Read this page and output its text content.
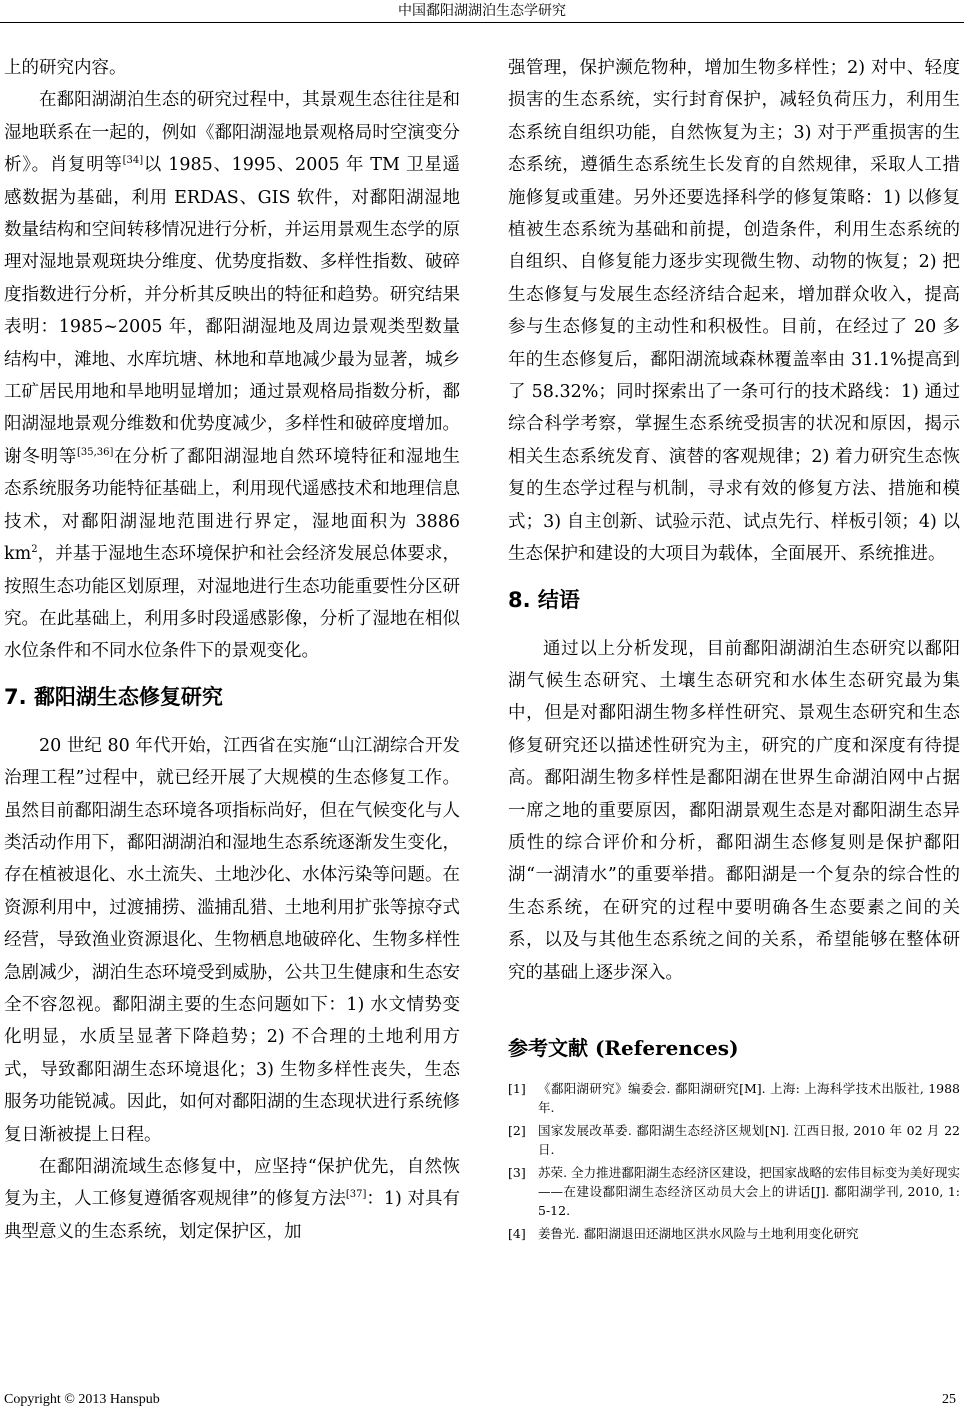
中国鄱阳湖湖泊生态学研究

上的研究内容。

在鄱阳湖湖泊生态的研究过程中，其景观生态往往是和湿地联系在一起的，例如《鄱阳湖湿地景观格局时空演变分析》。肖复明等[34]以 1985、1995、2005 年 TM 卫星遥感数据为基础，利用 ERDAS、GIS 软件，对鄱阳湖湿地数量结构和空间转移情况进行分析，并运用景观生态学的原理对湿地景观斑块分维度、优势度指数、多样性指数、破碎度指数进行分析，并分析其反映出的特征和趋势。研究结果表明：1985~2005 年，鄱阳湖湿地及周边景观类型数量结构中，滩地、水库坑塘、林地和草地减少最为显著，城乡工矿居民用地和旱地明显增加；通过景观格局指数分析，鄱阳湖湿地景观分维数和优势度减少，多样性和破碎度增加。谢冬明等[35,36]在分析了鄱阳湖湿地自然环境特征和湿地生态系统服务功能特征基础上，利用现代遥感技术和地理信息技术，对鄱阳湖湿地范围进行界定，湿地面积为 3886 $km^2$，并基于湿地生态环境保护和社会经济发展总体要求，按照生态功能区划原理，对湿地进行生态功能重要性分区研究。在此基础上，利用多时段遥感影像，分析了湿地在相似水位条件和不同水位条件下的景观变化。

7. 鄱阳湖生态修复研究

20 世纪 80 年代开始，江西省在实施“山江湖综合开发治理工程”过程中，就已经开展了大规模的生态修复工作。虽然目前鄱阳湖生态环境各项指标尚好，但在气候变化与人类活动作用下，鄱阳湖湖泊和湿地生态系统逐渐发生变化，存在植被退化、水土流失、土地沙化、水体污染等问题。在资源利用中，过渡捕捞、滥捕乱猎、土地利用扩张等掠夺式经营，导致渔业资源退化、生物栖息地破碎化、生物多样性急剧减少，湖泊生态环境受到威胁，公共卫生健康和生态安全不容忽视。鄱阳湖主要的生态问题如下：1) 水文情势变化明显，水质呈显著下降趋势；2) 不合理的土地利用方式，导致鄱阳湖生态环境退化；3) 生物多样性丧失，生态服务功能锐减。因此，如何对鄱阳湖的生态现状进行系统修复日渐被提上日程。

在鄱阳湖流域生态修复中，应坚持“保护优先，自然恢复为主，人工修复遵循客观规律”的修复方法[37]：1) 对具有典型意义的生态系统，划定保护区，加

强管理，保护濒危物种，增加生物多样性；2) 对中、轻度损害的生态系统，实行封育保护，减轻负荷压力，利用生态系统自组织功能，自然恢复为主；3) 对于严重损害的生态系统，遵循生态系统生长发育的自然规律，采取人工措施修复或重建。另外还要选择科学的修复策略：1) 以修复植被生态系统为基础和前提，创造条件，利用生态系统的自组织、自修复能力逐步实现微生物、动物的恢复；2) 把生态修复与发展生态经济结合起来，增加群众收入，提高参与生态修复的主动性和积极性。目前，在经过了 20 多年的生态修复后，鄱阳湖流域森林覆盖率由 31.1%提高到了 58.32%；同时探索出了一条可行的技术路线：1) 通过综合科学考察，掌握生态系统受损害的状况和原因，揭示相关生态系统发育、演替的客观规律；2) 着力研究生态恢复的生态学过程与机制，寻求有效的修复方法、措施和模式；3) 自主创新、试验示范、试点先行、样板引领；4) 以生态保护和建设的大项目为载体，全面展开、系统推进。

8. 结语

通过以上分析发现，目前鄱阳湖湖泊生态研究以鄱阳湖气候生态研究、土壤生态研究和水体生态研究最为集中，但是对鄱阳湖生物多样性研究、景观生态研究和生态修复研究还以描述性研究为主，研究的广度和深度有待提高。鄱阳湖生物多样性是鄱阳湖在世界生命湖泊网中占据一席之地的重要原因，鄱阳湖景观生态是对鄱阳湖生态异质性的综合评价和分析，鄱阳湖生态修复则是保护鄱阳湖“一湖清水”的重要举措。鄱阳湖是一个复杂的综合性的生态系统，在研究的过程中要明确各生态要素之间的关系，以及与其他生态系统之间的关系，希望能够在整体研究的基础上逐步深入。

参考文献 (References)
[1] 《鄱阳湖研究》编委会. 鄱阳湖研究[M]. 上海: 上海科学技术出版社, 1988 年.
[2] 国家发展改革委. 鄱阳湖生态经济区规划[N]. 江西日报, 2010 年 02 月 22 日.
[3] 苏荣. 全力推进鄱阳湖生态经济区建设，把国家战略的宏伟目标变为美好现实——在建设鄱阳湖生态经济区动员大会上的讲话[J]. 鄱阳湖学刊, 2010, 1: 5-12.
[4] 姜鲁光. 鄱阳湖退田还湖地区洪水风险与土地利用变化研究
Copyright © 2013 Hanspub	25
